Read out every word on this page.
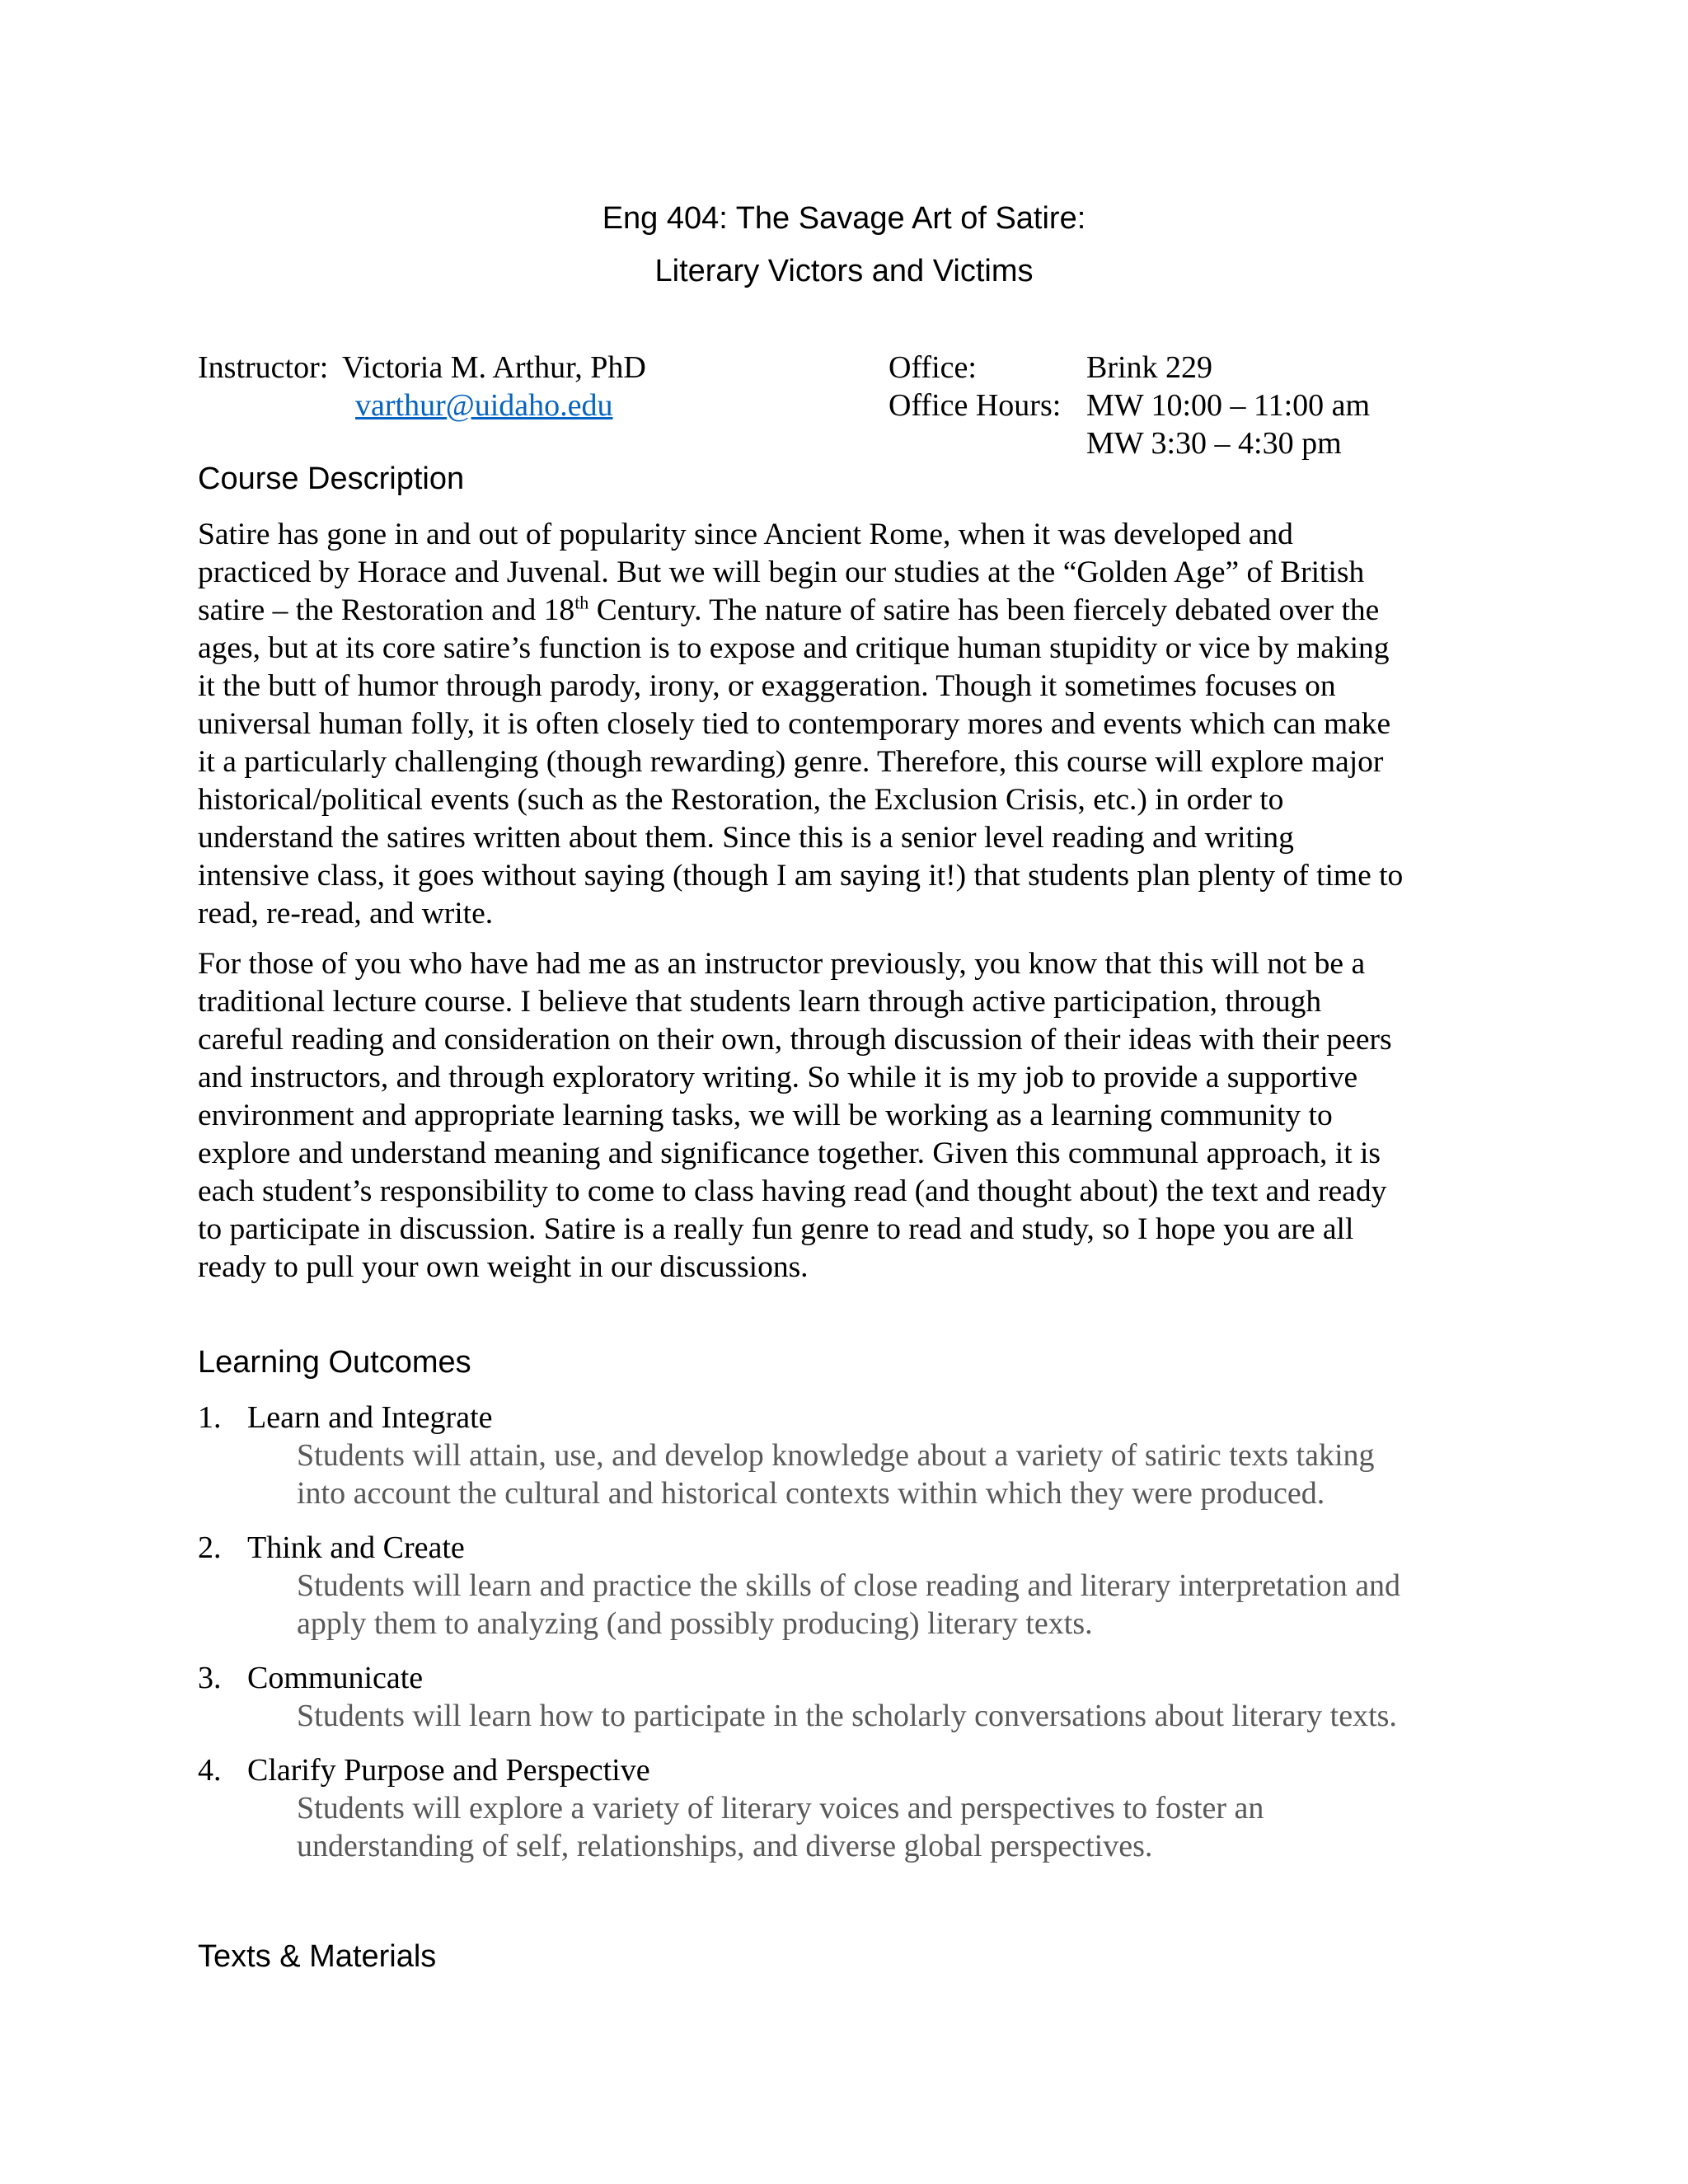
Eng 404: The Savage Art of Satire:
Literary Victors and Victims
Instructor: Victoria M. Arthur, PhD
varthur@uidaho.edu
Office:	Brink 229
Office Hours: MW 10:00 – 11:00 am
MW 3:30 – 4:30 pm
Course Description
Satire has gone in and out of popularity since Ancient Rome, when it was developed and
practiced by Horace and Juvenal. But we will begin our studies at the “Golden Age” of British
satire – the Restoration and 18th Century. The nature of satire has been fiercely debated over the
ages, but at its core satire’s function is to expose and critique human stupidity or vice by making
it the butt of humor through parody, irony, or exaggeration. Though it sometimes focuses on
universal human folly, it is often closely tied to contemporary mores and events which can make
it a particularly challenging (though rewarding) genre. Therefore, this course will explore major
historical/political events (such as the Restoration, the Exclusion Crisis, etc.) in order to
understand the satires written about them. Since this is a senior level reading and writing
intensive class, it goes without saying (though I am saying it!) that students plan plenty of time to
read, re-read, and write.
For those of you who have had me as an instructor previously, you know that this will not be a
traditional lecture course. I believe that students learn through active participation, through
careful reading and consideration on their own, through discussion of their ideas with their peers
and instructors, and through exploratory writing. So while it is my job to provide a supportive
environment and appropriate learning tasks, we will be working as a learning community to
explore and understand meaning and significance together. Given this communal approach, it is
each student’s responsibility to come to class having read (and thought about) the text and ready
to participate in discussion. Satire is a really fun genre to read and study, so I hope you are all
ready to pull your own weight in our discussions.
Learning Outcomes
1. Learn and Integrate
Students will attain, use, and develop knowledge about a variety of satiric texts taking
into account the cultural and historical contexts within which they were produced.
2. Think and Create
Students will learn and practice the skills of close reading and literary interpretation and
apply them to analyzing (and possibly producing) literary texts.
3. Communicate
Students will learn how to participate in the scholarly conversations about literary texts.
4. Clarify Purpose and Perspective
Students will explore a variety of literary voices and perspectives to foster an
understanding of self, relationships, and diverse global perspectives.
Texts & Materials
